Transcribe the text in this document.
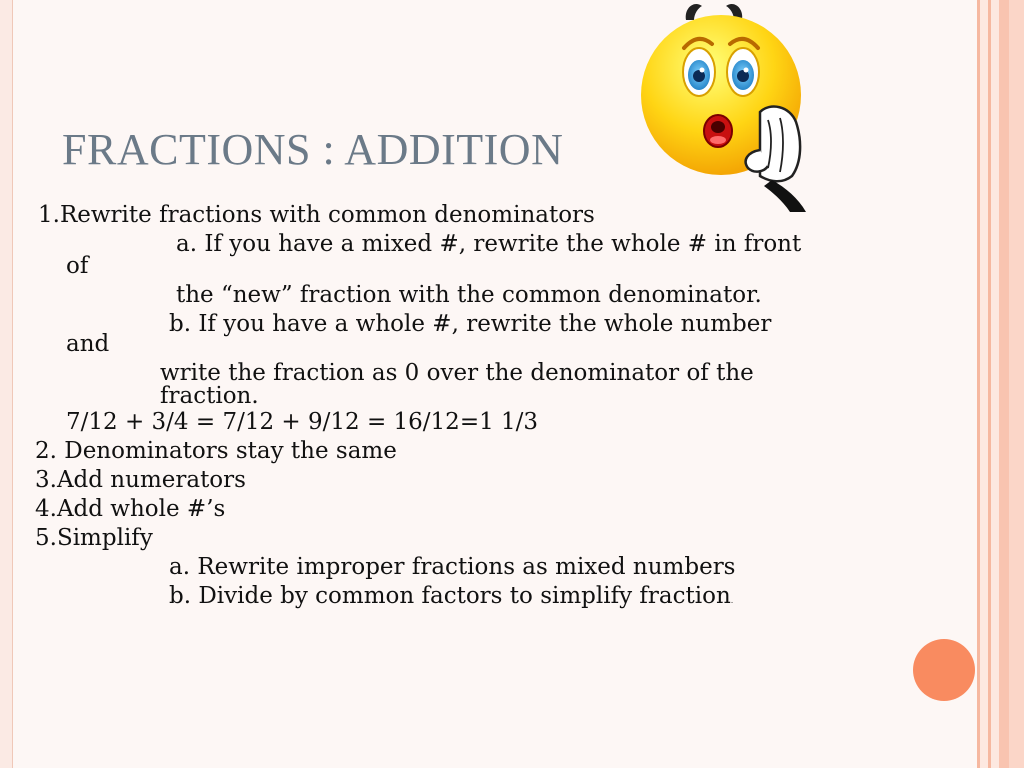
FRACTIONS : ADDITION

1.Rewrite fractions with common denominators

a. If you have a mixed #, rewrite the whole # in front

of

the “new” fraction with the common denominator.

b. If you have a whole #, rewrite the whole number

and

write the fraction as 0 over the denominator of the

fraction.

7/12 + 3/4 = 7/12 + 9/12 = 16/12=1 1/3

2. Denominators stay the same

3.Add numerators

4.Add whole #’s

5.Simplify

a. Rewrite improper fractions as mixed numbers

b. Divide by common factors to simplify fraction.
